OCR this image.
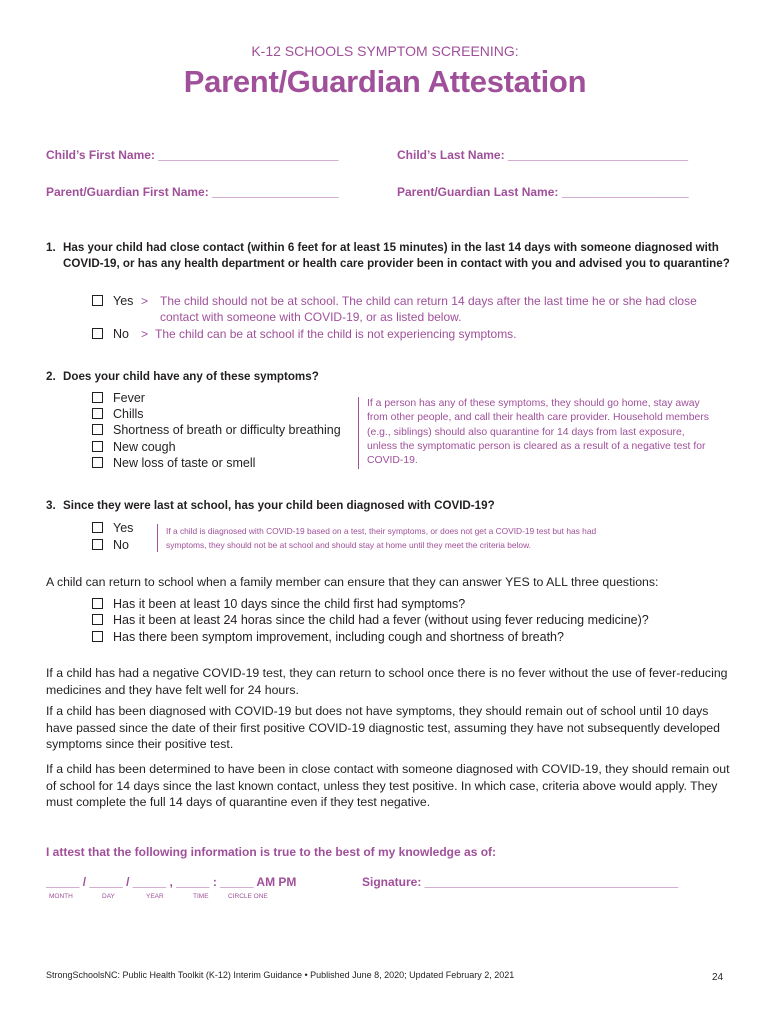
K-12 SCHOOLS SYMPTOM SCREENING:
Parent/Guardian Attestation
Child’s First Name: ___________________________	Child’s Last Name: ___________________________
Parent/Guardian First Name: ___________________	Parent/Guardian Last Name: ___________________
1. Has your child had close contact (within 6 feet for at least 15 minutes) in the last 14 days with someone diagnosed with COVID-19, or has any health department or health care provider been in contact with you and advised you to quarantine?
Yes > The child should not be at school. The child can return 14 days after the last time he or she had close
contact with someone with COVID-19, or as listed below.
No > The child can be at school if the child is not experiencing symptoms.
2. Does your child have any of these symptoms?
Fever
Chills
Shortness of breath or difficulty breathing
New cough
New loss of taste or smell
If a person has any of these symptoms, they should go home, stay away from other people, and call their health care provider. Household members (e.g., siblings) should also quarantine for 14 days from last exposure, unless the symptomatic person is cleared as a result of a negative test for COVID-19.
3. Since they were last at school, has your child been diagnosed with COVID-19?
Yes
No
If a child is diagnosed with COVID-19 based on a test, their symptoms, or does not get a COVID-19 test but has had
symptoms, they should not be at school and should stay at home until they meet the criteria below.
A child can return to school when a family member can ensure that they can answer YES to ALL three questions:
Has it been at least 10 days since the child first had symptoms?
Has it been at least 24 horas since the child had a fever (without using fever reducing medicine)?
Has there been symptom improvement, including cough and shortness of breath?
If a child has had a negative COVID-19 test, they can return to school once there is no fever without the use of fever-reducing medicines and they have felt well for 24 hours.
If a child has been diagnosed with COVID-19 but does not have symptoms, they should remain out of school until 10 days have passed since the date of their first positive COVID-19 diagnostic test, assuming they have not subsequently developed symptoms since their positive test.
If a child has been determined to have been in close contact with someone diagnosed with COVID-19, they should remain out of school for 14 days since the last known contact, unless they test positive. In which case, criteria above would apply. They must complete the full 14 days of quarantine even if they test negative.
I attest that the following information is true to the best of my knowledge as of:
_____ / _____ / _____ , _____ : _____ AM PM	Signature: ______________________________________
MONTH	DAY	YEAR	TIME	CIRCLE ONE
StrongSchoolsNC: Public Health Toolkit (K-12) Interim Guidance • Published June 8, 2020; Updated February 2, 2021	24
